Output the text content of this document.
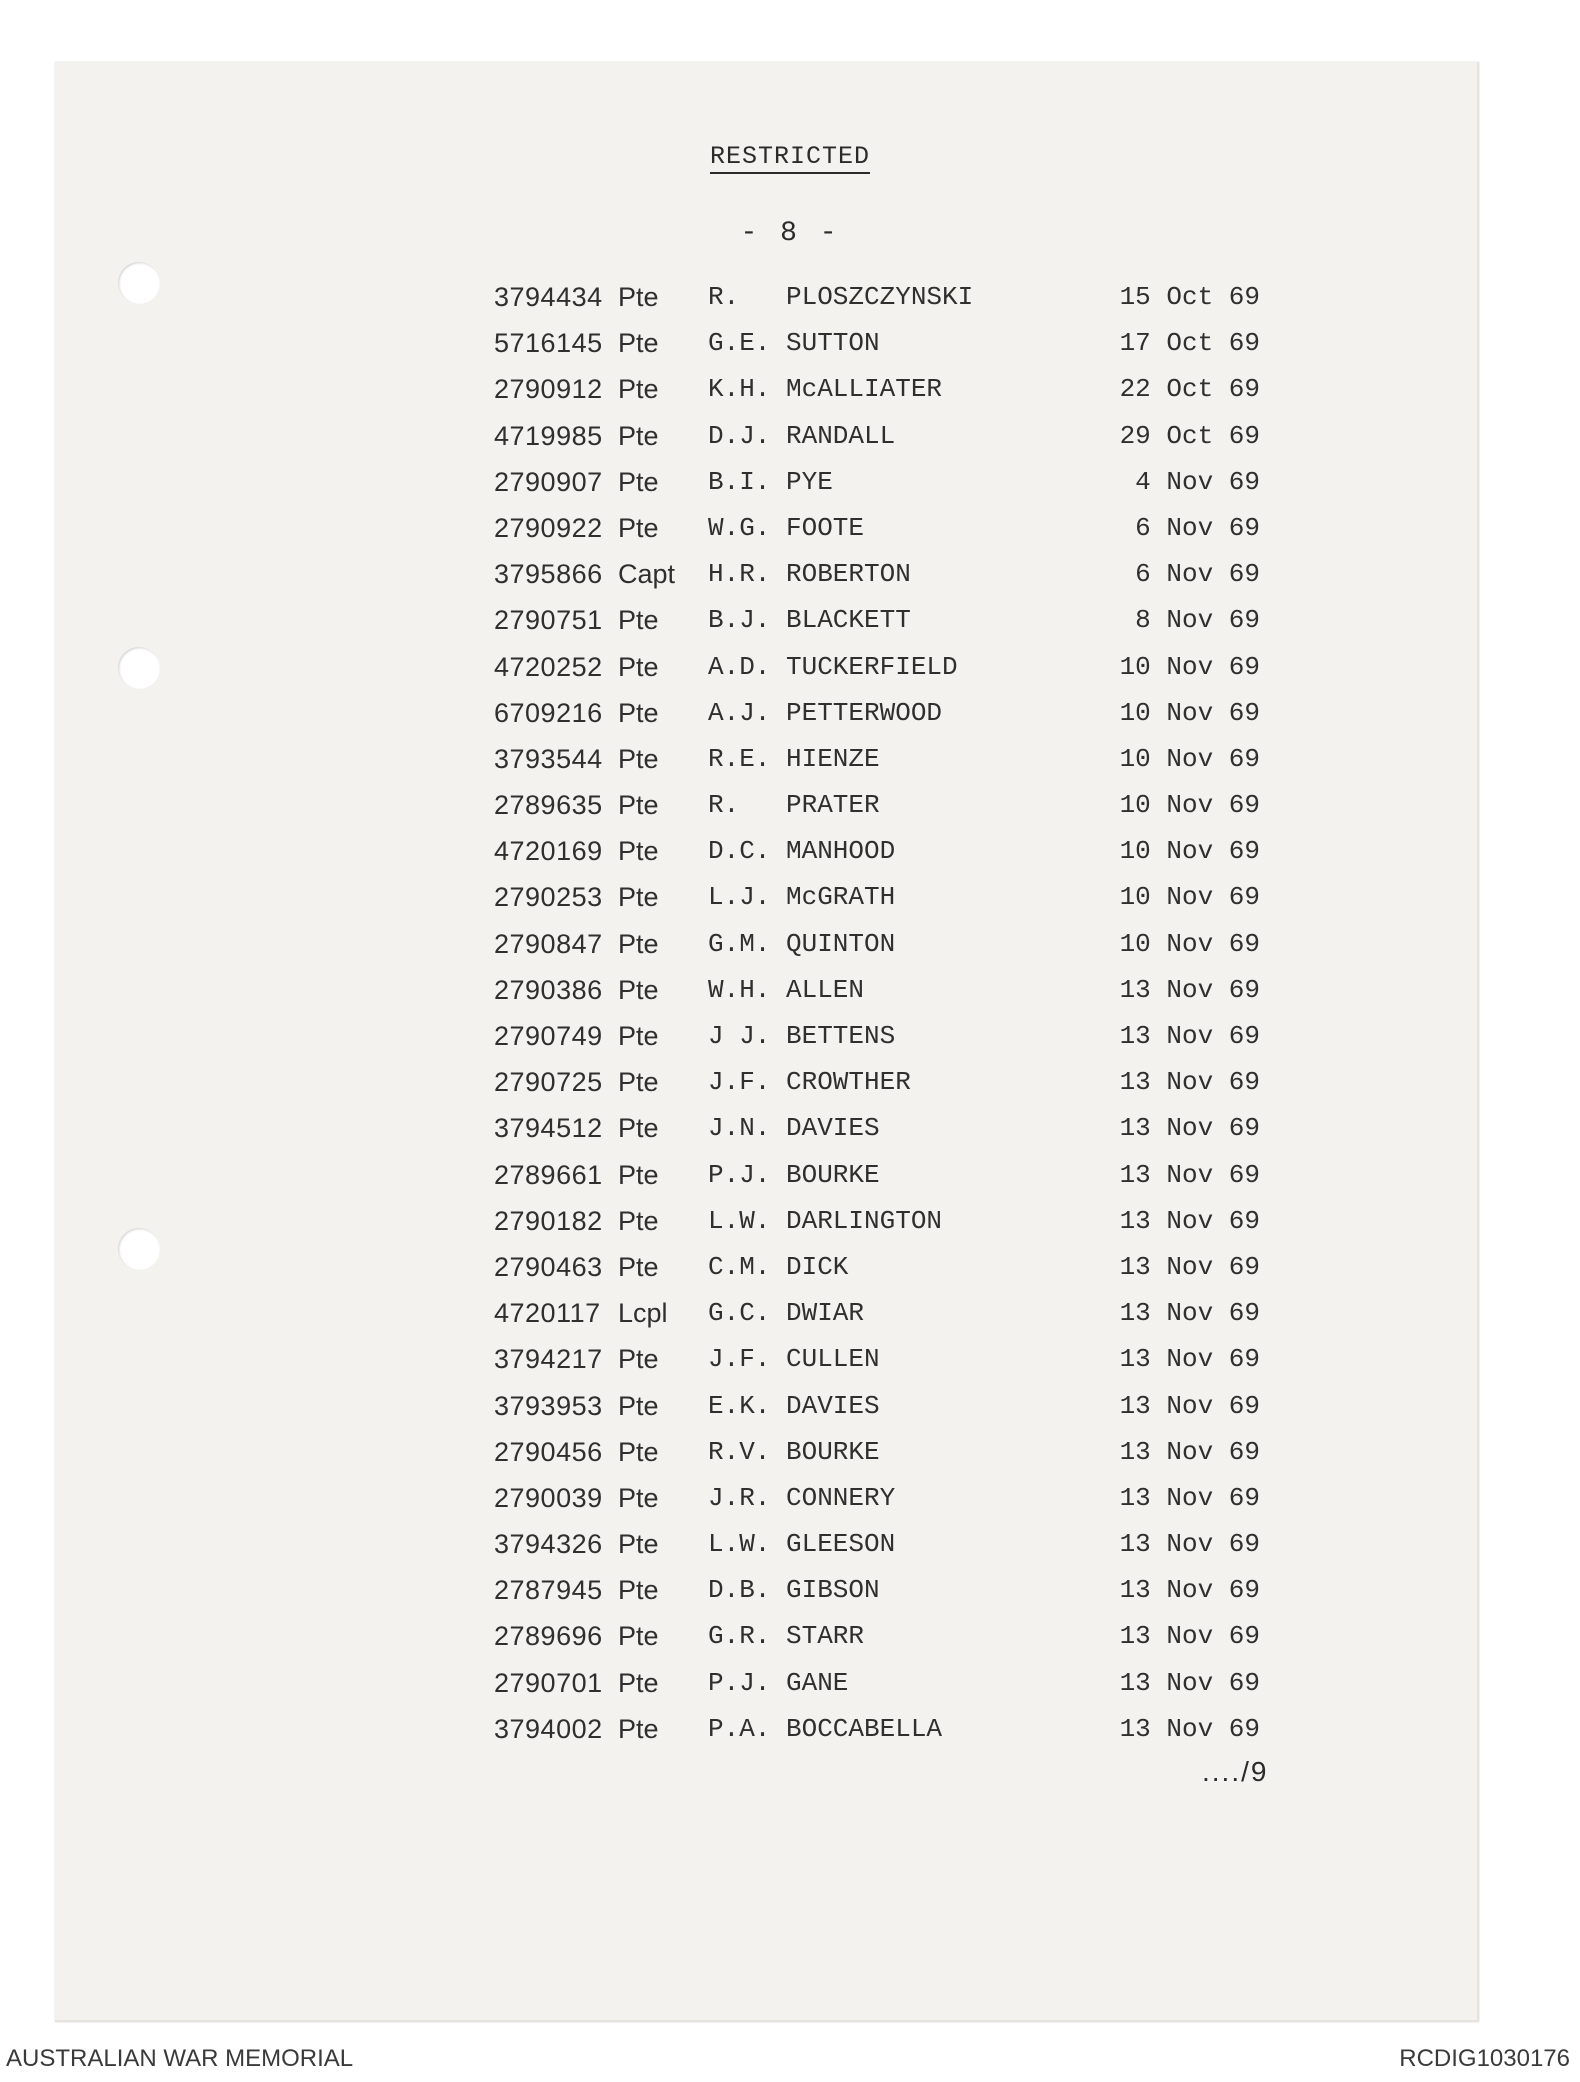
RESTRICTED
- 8 -
3794434 Pte	R.	PLOSZCZYNSKI	15 Oct 69
5716145 Pte	G.E. SUTTON	17 Oct 69
2790912 Pte	K.H. McALLIATER	22 Oct 69
4719985 Pte	D.J. RANDALL	29 Oct 69
2790907 Pte	B.I. PYE	4 Nov 69
2790922 Pte	W.G. FOOTE	6 Nov 69
3795866 Capt	H.R. ROBERTON	6 Nov 69
2790751 Pte	B.J. BLACKETT	8 Nov 69
4720252 Pte	A.D. TUCKERFIELD	10 Nov 69
6709216 Pte	A.J. PETTERWOOD	10 Nov 69
3793544 Pte	R.E. HIENZE	10 Nov 69
2789635 Pte	R.	PRATER	10 Nov 69
4720169 Pte	D.C. MANHOOD	10 Nov 69
2790253 Pte	L.J. McGRATH	10 Nov 69
2790847 Pte	G.M. QUINTON	10 Nov 69
2790386 Pte	W.H. ALLEN	13 Nov 69
2790749 Pte	J J. BETTENS	13 Nov 69
2790725 Pte	J.F. CROWTHER	13 Nov 69
3794512 Pte	J.N. DAVIES	13 Nov 69
2789661 Pte	P.J. BOURKE	13 Nov 69
2790182 Pte	L.W. DARLINGTON	13 Nov 69
2790463 Pte	C.M. DICK	13 Nov 69
4720117 Lcpl	G.C. DWIAR	13 Nov 69
3794217 Pte	J.F. CULLEN	13 Nov 69
3793953 Pte	E.K. DAVIES	13 Nov 69
2790456 Pte	R.V. BOURKE	13 Nov 69
2790039 Pte	J.R. CONNERY	13 Nov 69
3794326 Pte	L.W. GLEESON	13 Nov 69
2787945 Pte	D.B. GIBSON	13 Nov 69
2789696 Pte	G.R. STARR	13 Nov 69
2790701 Pte	P.J. GANE	13 Nov 69
3794002 Pte	P.A. BOCCABELLA	13 Nov 69
..../9
AUSTRALIAN WAR MEMORIAL	RCDIG1030176
